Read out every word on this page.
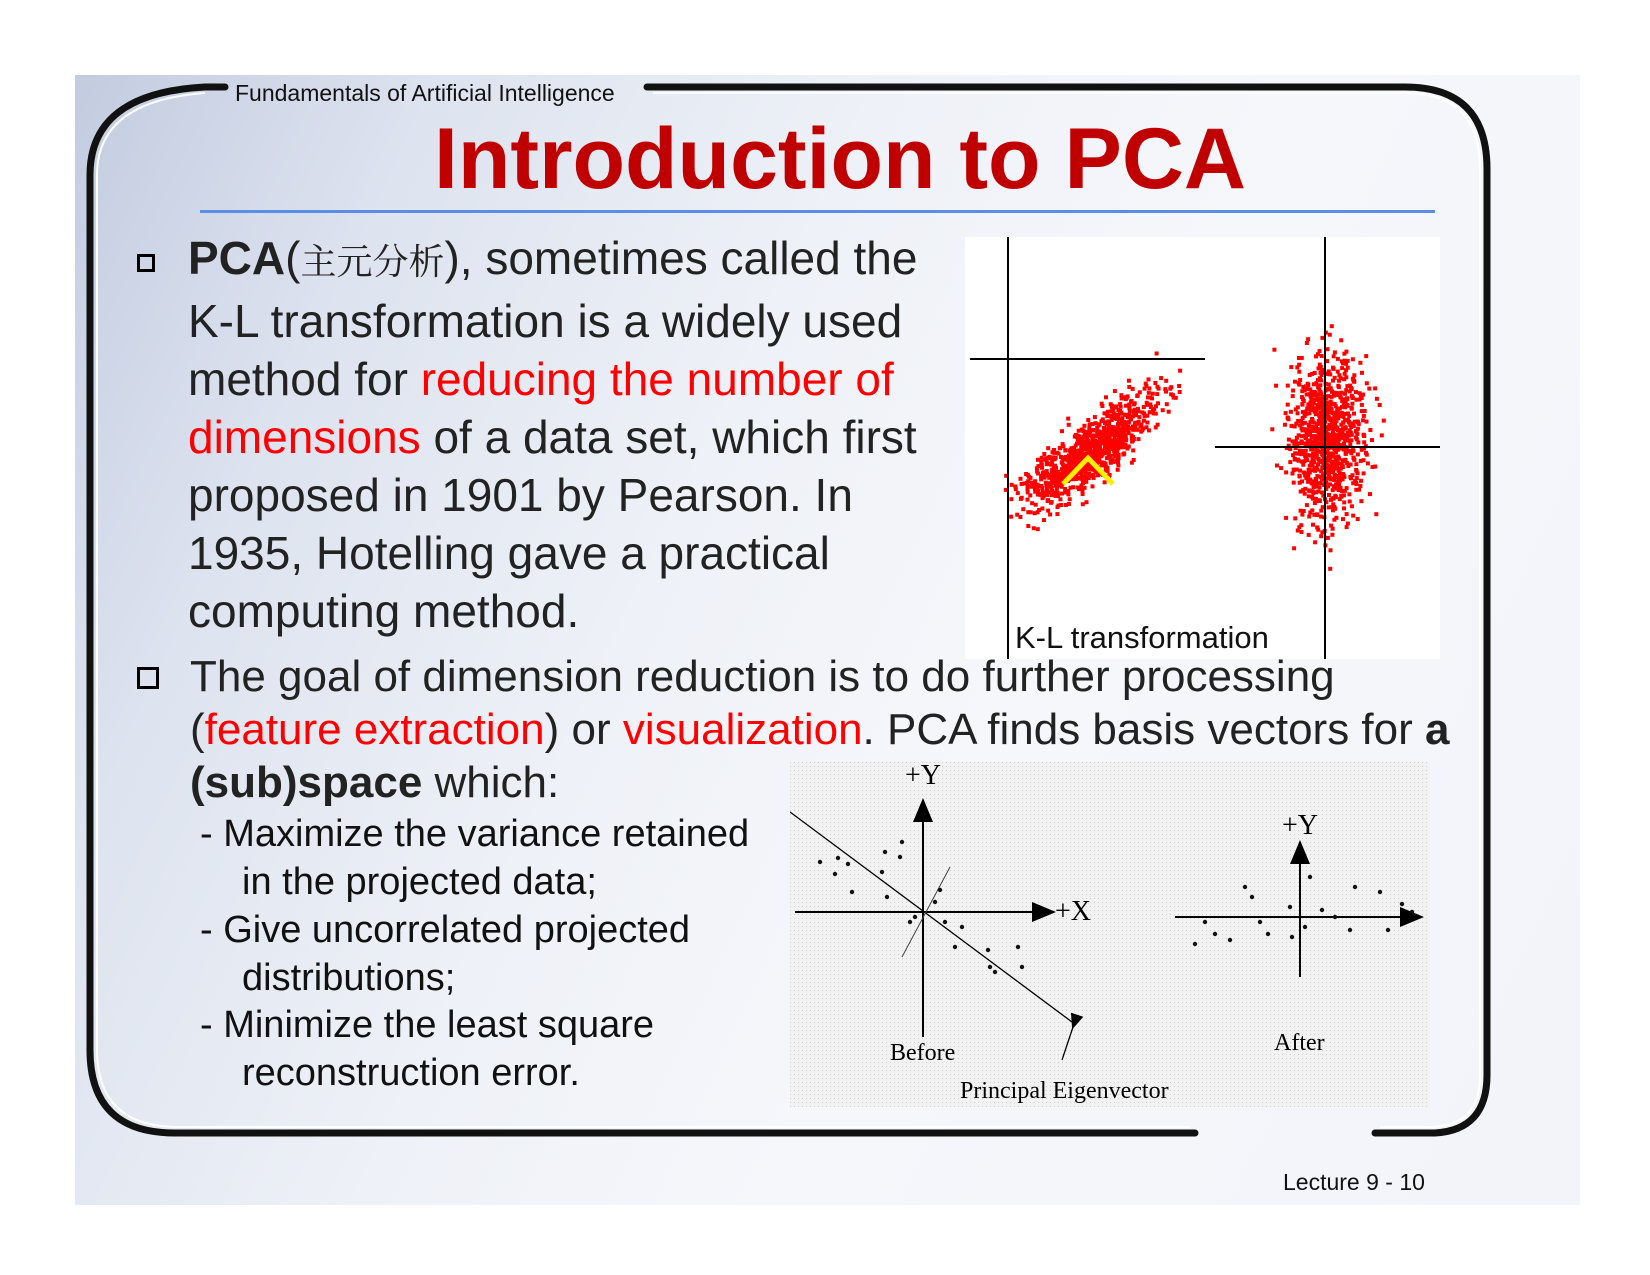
Fundamentals of Artificial Intelligence
Introduction to PCA

PCA(主元分析), sometimes called the K-L transformation is a widely used method for reducing the number of dimensions of a data set, which first proposed in 1901 by Pearson. In 1935, Hotelling gave a practical computing method.

K-L transformation

The goal of dimension reduction is to do further processing (feature extraction) or visualization. PCA finds basis vectors for a (sub)space which:

- Maximize the variance retained
in the projected data;

- Give uncorrelated projected
distributions;

- Minimize the least square
reconstruction error.

+Y
+X
Before
Principal Eigenvector
+Y
After
Lecture 9 - 10
